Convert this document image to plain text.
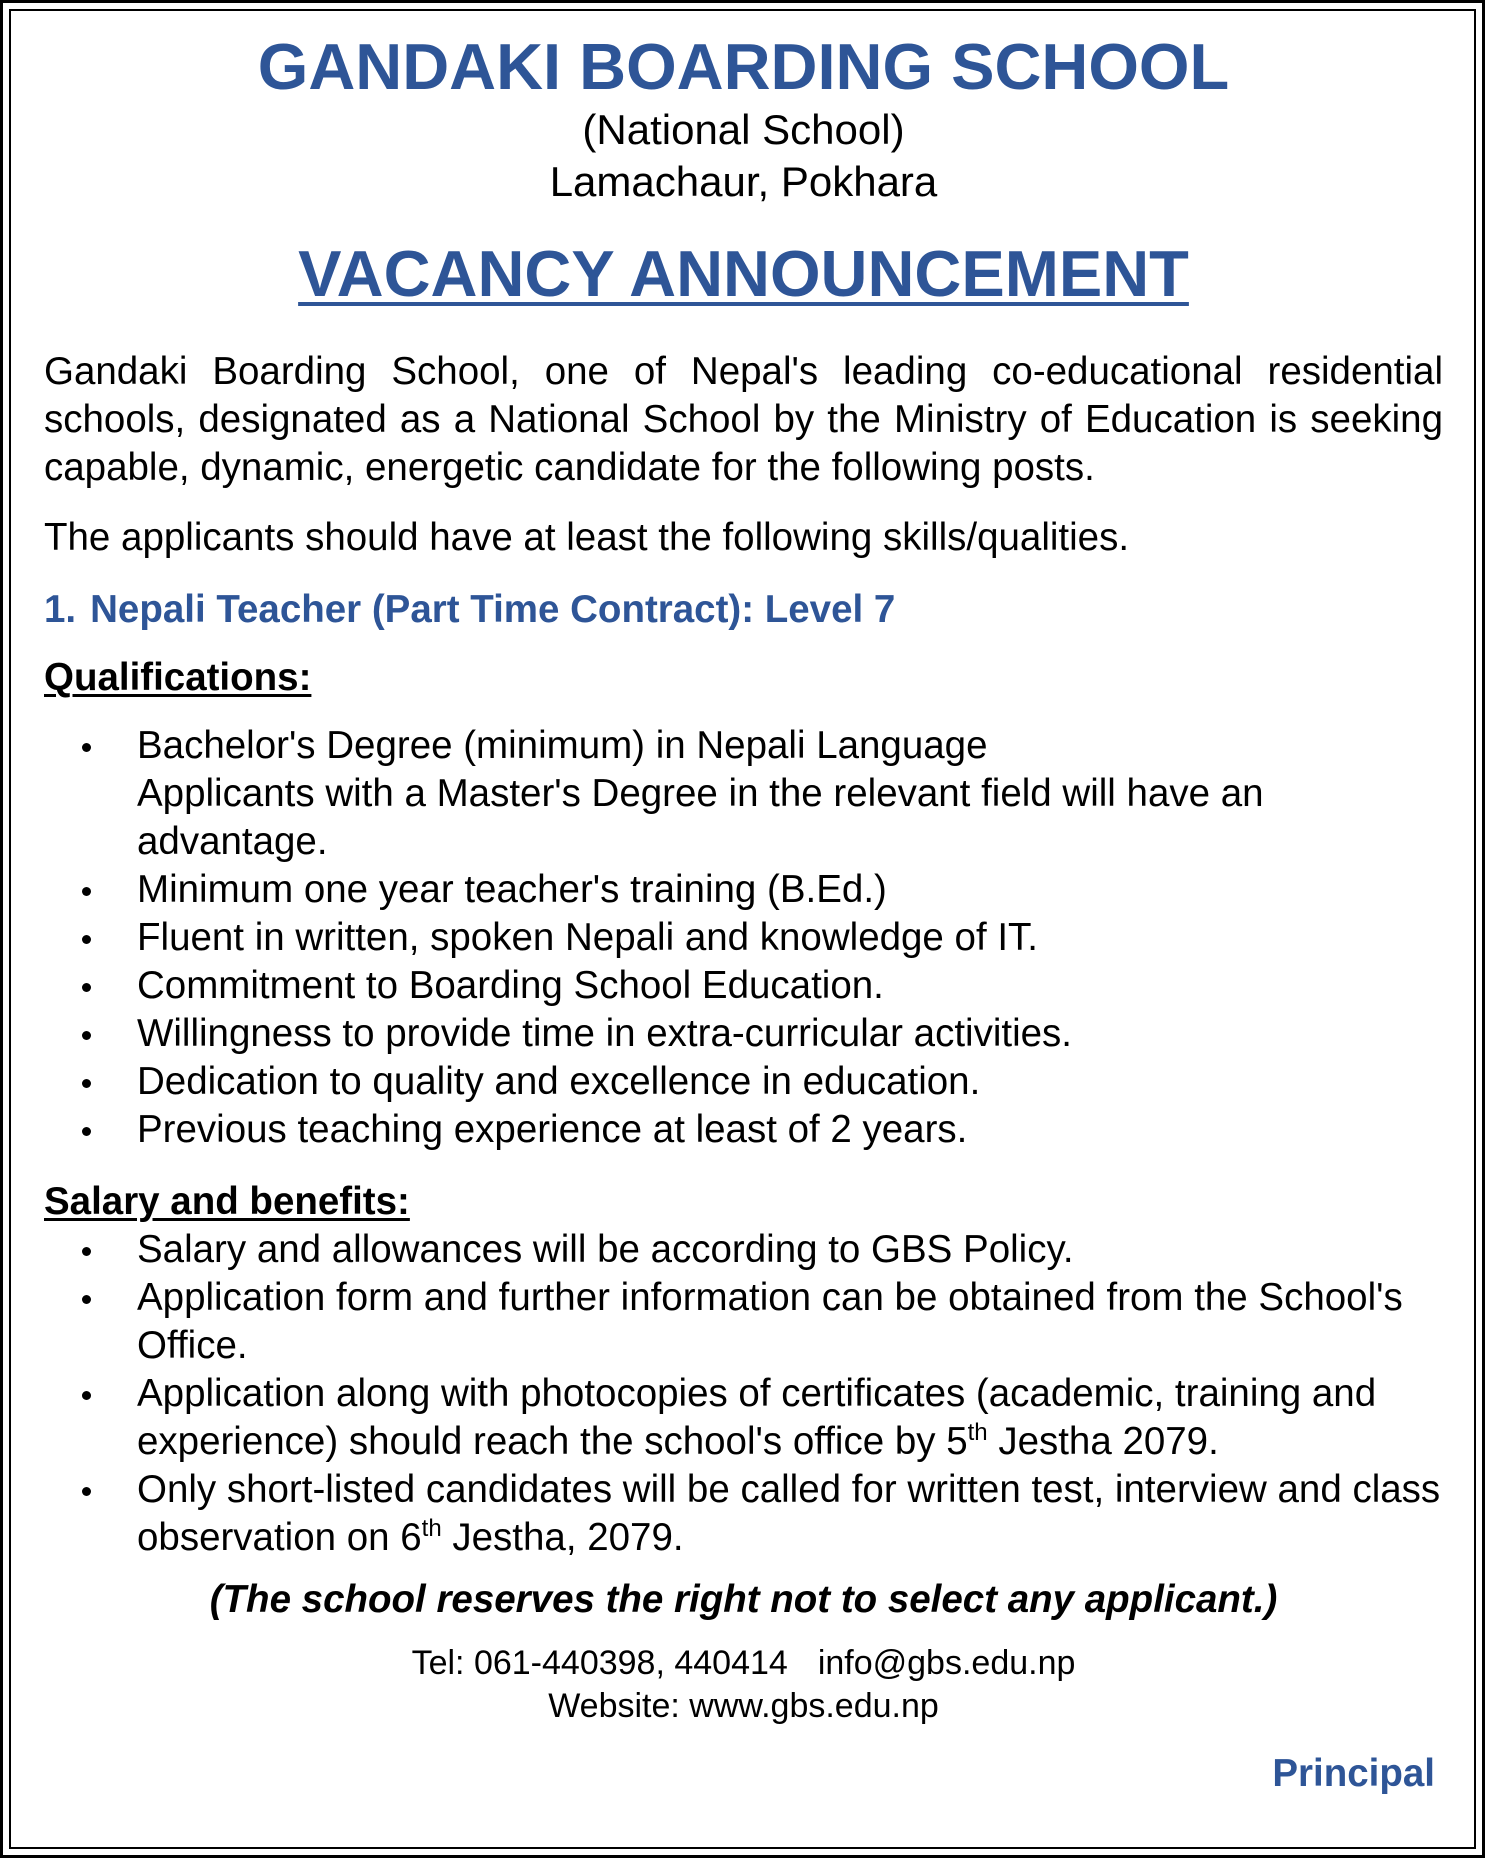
GANDAKI BOARDING SCHOOL

(National School)

Lamachaur, Pokhara

VACANCY ANNOUNCEMENT

Gandaki Boarding School, one of Nepal's leading co-educational residential schools, designated as a National School by the Ministry of Education is seeking capable, dynamic, energetic candidate for the following posts.

The applicants should have at least the following skills/qualities.

1. Nepali Teacher (Part Time Contract): Level 7

Qualifications:
Bachelor's Degree (minimum) in Nepali Language
Applicants with a Master's Degree in the relevant field will have an advantage.
Minimum one year teacher's training (B.Ed.)
Fluent in written, spoken Nepali and knowledge of IT.
Commitment to Boarding School Education.
Willingness to provide time in extra-curricular activities.
Dedication to quality and excellence in education.
Previous teaching experience at least of 2 years.
Salary and benefits:
Salary and allowances will be according to GBS Policy.
Application form and further information can be obtained from the School's Office.
Application along with photocopies of certificates (academic, training and experience) should reach the school's office by 5th Jestha 2079.
Only short-listed candidates will be called for written test, interview and class observation on 6th Jestha, 2079.

(The school reserves the right not to select any applicant.)

Tel: 061-440398, 440414 info@gbs.edu.np
Website: www.gbs.edu.np
Principal
